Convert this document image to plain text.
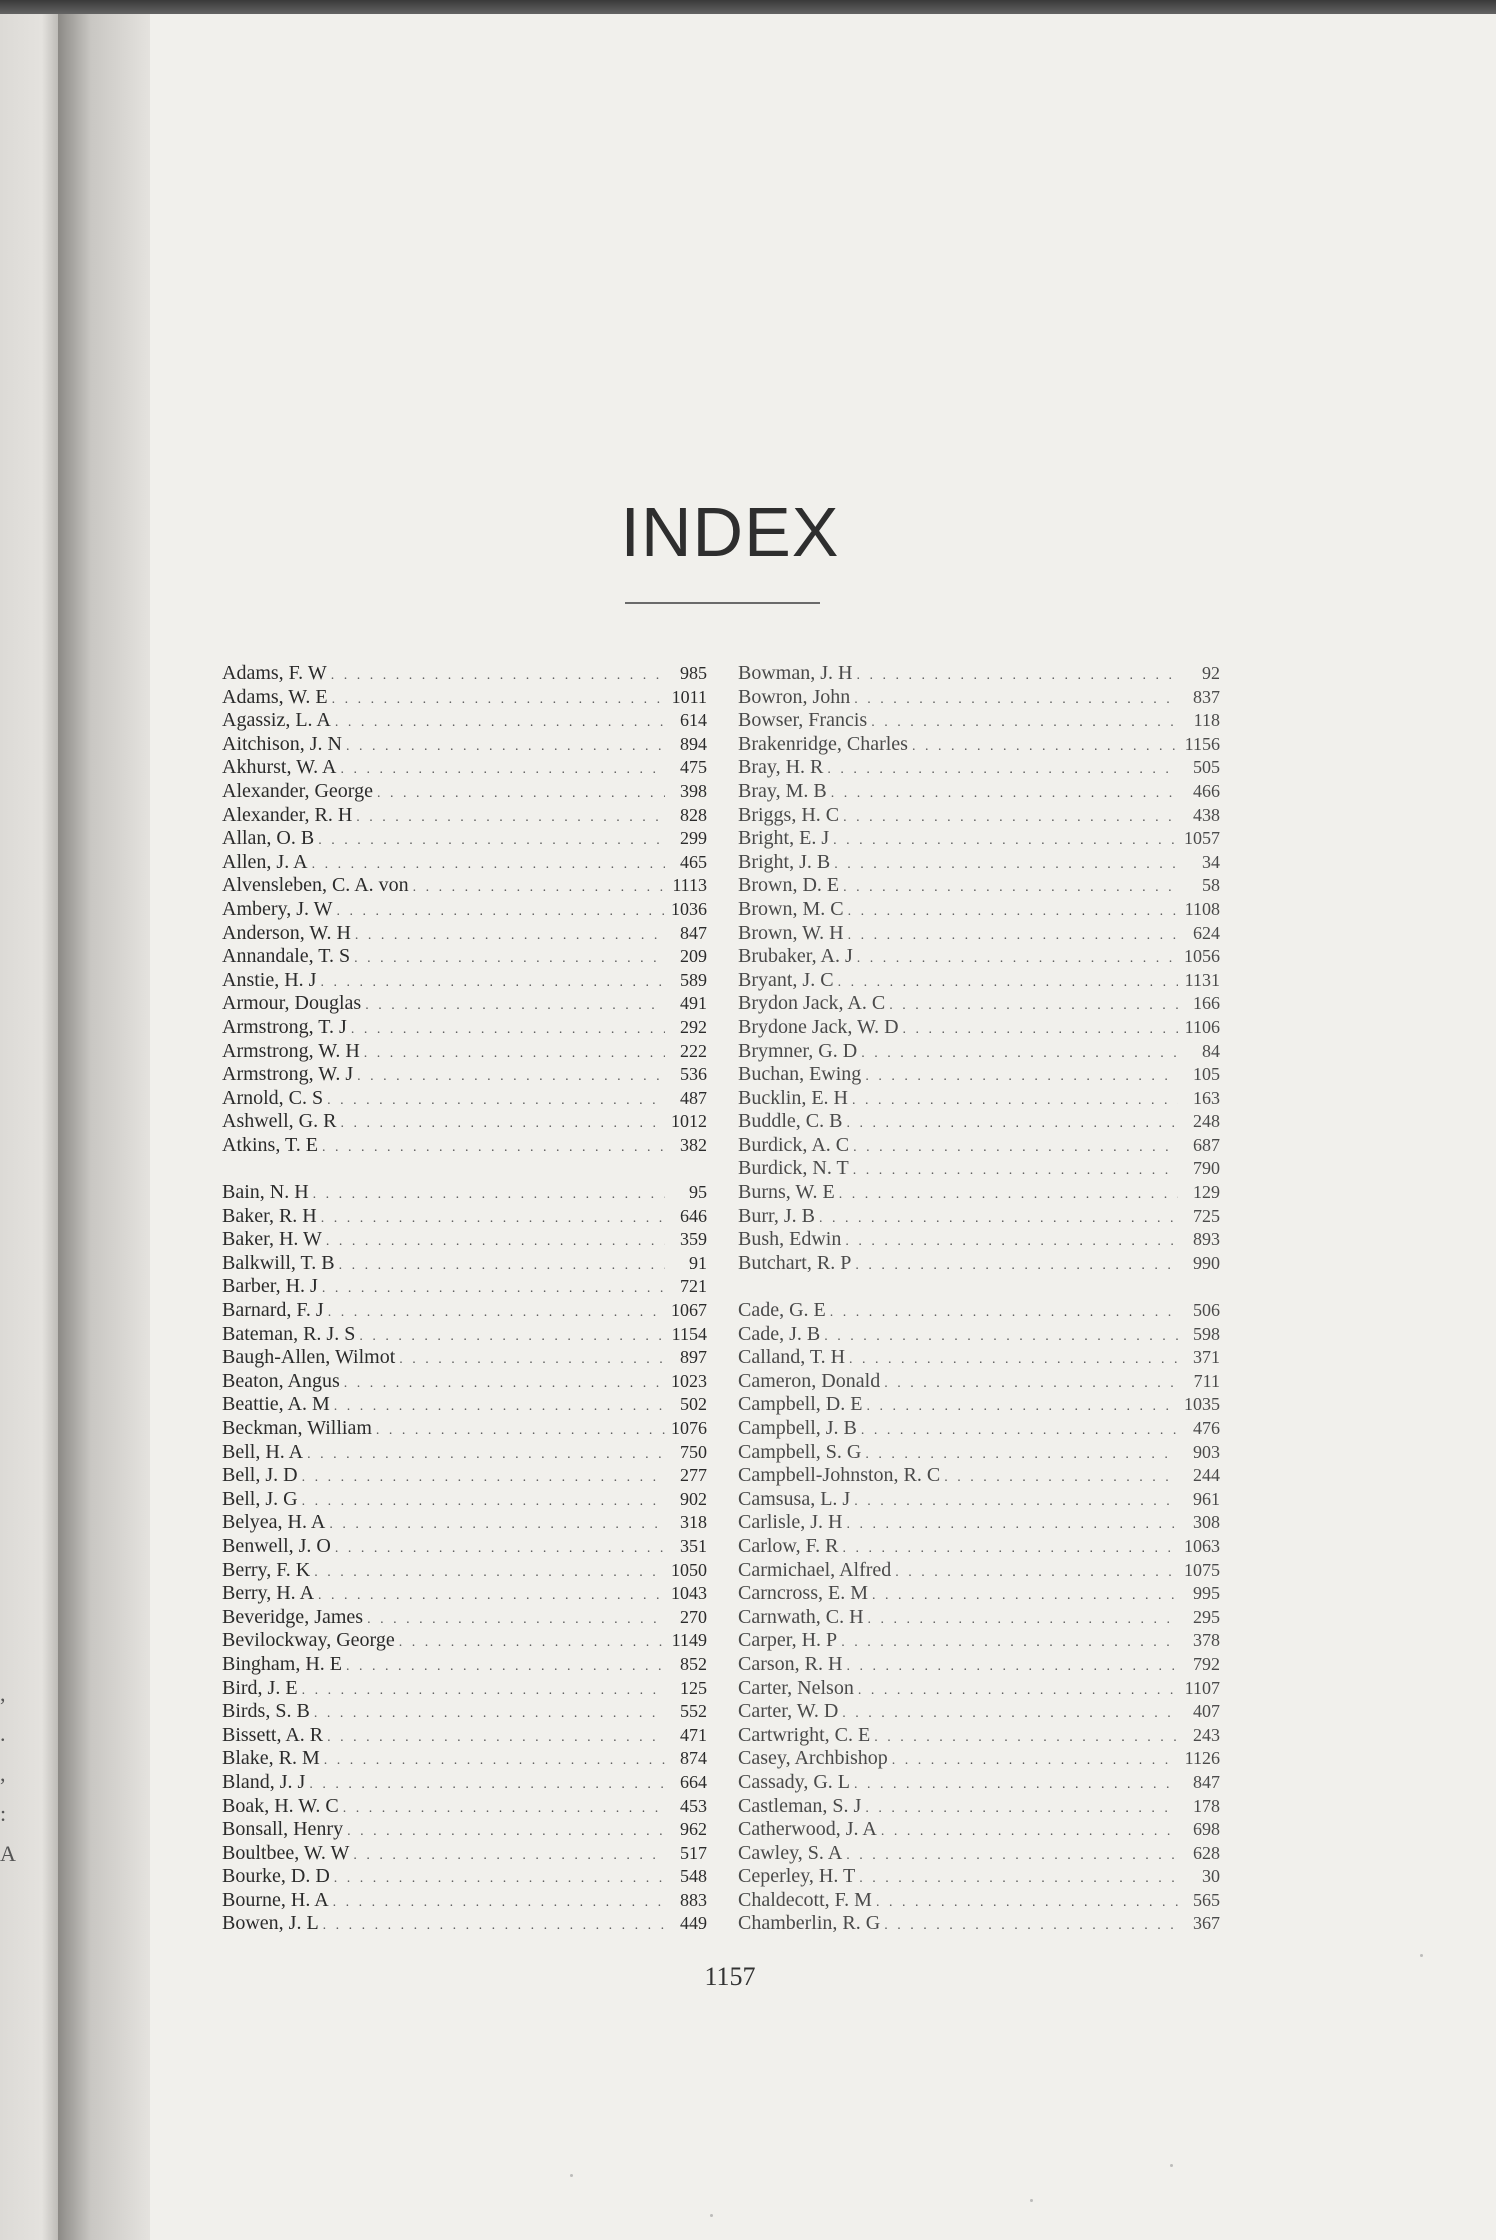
,
.
,
:
A
INDEX
Adams, F. W . . .	985
Adams, W. E . . .	1011
Agassiz, L. A . . .	614
Aitchison, J. N . . .	894
Akhurst, W. A . . .	475
Alexander, George . . .	398
Alexander, R. H . . .	828
Allan, O. B . . .	299
Allen, J. A . . .	465
Alvensleben, C. A. von . . .	1113
Ambery, J. W . . .	1036
Anderson, W. H . . .	847
Annandale, T. S . . .	209
Anstie, H. J . . .	589
Armour, Douglas . . .	491
Armstrong, T. J . . .	292
Armstrong, W. H . . .	222
Armstrong, W. J . . .	536
Arnold, C. S . . .	487
Ashwell, G. R . . .	1012
Atkins, T. E . . .	382
Bain, N. H . . .	95
Baker, R. H . . .	646
Baker, H. W . . .	359
Balkwill, T. B . . .	91
Barber, H. J . . .	721
Barnard, F. J . . .	1067
Bateman, R. J. S . . .	1154
Baugh-Allen, Wilmot . . .	897
Beaton, Angus . . .	1023
Beattie, A. M . . .	502
Beckman, William . . .	1076
Bell, H. A . . .	750
Bell, J. D . . .	277
Bell, J. G . . .	902
Belyea, H. A . . .	318
Benwell, J. O . . .	351
Berry, F. K . . .	1050
Berry, H. A . . .	1043
Beveridge, James . . .	270
Bevilockway, George . . .	1149
Bingham, H. E . . .	852
Bird, J. E . . .	125
Birds, S. B . . .	552
Bissett, A. R . . .	471
Blake, R. M . . .	874
Bland, J. J . . .	664
Boak, H. W. C . . .	453
Bonsall, Henry . . .	962
Boultbee, W. W . . .	517
Bourke, D. D . . .	548
Bourne, H. A . . .	883
Bowen, J. L . . .	449
Bowman, J. H . . .	92
Bowron, John . . .	837
Bowser, Francis . . .	118
Brakenridge, Charles . . .	1156
Bray, H. R . . .	505
Bray, M. B . . .	466
Briggs, H. C . . .	438
Bright, E. J . . .	1057
Bright, J. B . . .	34
Brown, D. E . . .	58
Brown, M. C . . .	1108
Brown, W. H . . .	624
Brubaker, A. J . . .	1056
Bryant, J. C . . .	1131
Brydon Jack, A. C . . .	166
Brydone Jack, W. D . . .	1106
Brymner, G. D . . .	84
Buchan, Ewing . . .	105
Bucklin, E. H . . .	163
Buddle, C. B . . .	248
Burdick, A. C . . .	687
Burdick, N. T . . .	790
Burns, W. E . . .	129
Burr, J. B . . .	725
Bush, Edwin . . .	893
Butchart, R. P . . .	990
Cade, G. E . . .	506
Cade, J. B . . .	598
Calland, T. H . . .	371
Cameron, Donald . . .	711
Campbell, D. E . . .	1035
Campbell, J. B . . .	476
Campbell, S. G . . .	903
Campbell-Johnston, R. C . . .	244
Camsusa, L. J . . .	961
Carlisle, J. H . . .	308
Carlow, F. R . . .	1063
Carmichael, Alfred . . .	1075
Carncross, E. M . . .	995
Carnwath, C. H . . .	295
Carper, H. P . . .	378
Carson, R. H . . .	792
Carter, Nelson . . .	1107
Carter, W. D . . .	407
Cartwright, C. E . . .	243
Casey, Archbishop . . .	1126
Cassady, G. L . . .	847
Castleman, S. J . . .	178
Catherwood, J. A . . .	698
Cawley, S. A . . .	628
Ceperley, H. T . . .	30
Chaldecott, F. M . . .	565
Chamberlin, R. G . . .	367
1157
